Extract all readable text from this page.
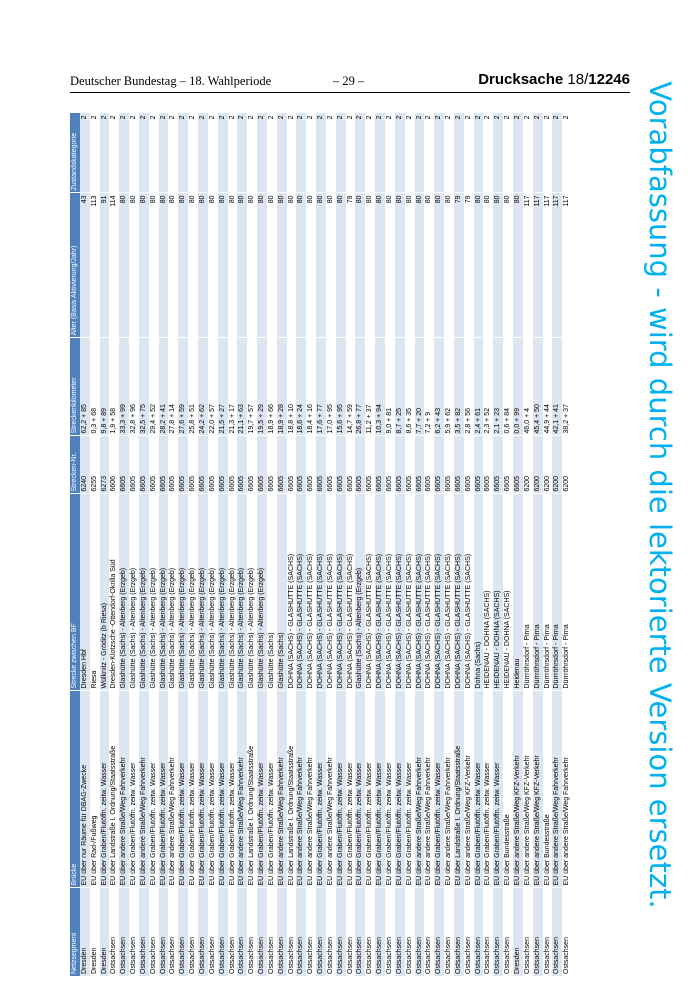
Deutscher Bundestag – 18. Wahlperiode	– 29 –	Drucksache 18/12246
Netzsegment	Brücke	Strecke zwischen BF	Strecken-Nr.	Streckenkilometer	Alter (Basis Aktivierung/Jahr)	Zustandskategorie
Dresden	EÜ über nur Räume für DBAG-Zwecke	Dresden Hbf	6240	62,2 + 85	43	2
Dresden	EÜ über Rad-/Fußweg	Riesa	6255	0,3 + 68	113	2
Dresden	EÜ über Graben/Flutöffn. zeitw. Wasser	Wülknitz - Gröditz (b Riesa)	6273	9,8 + 89	91	2
Ostsachsen	EÜ über Landstraße I. Ordnung/Staatsstraße	Dresden-Klotzsche -Ottendorf-Okrilla Süd	6606	1,9 + 58	114	2
Ostsachsen	EÜ über andere Straße/Weg Fahrverkehr	Glashütte (Sachs) - Altenberg (Erzgeb)	6605	33,3 + 99	80	2
Ostsachsen	EÜ über Graben/Flutöffn. zeitw. Wasser	Glashütte (Sachs) - Altenberg (Erzgeb)	6605	32,8 + 96	80	2
Ostsachsen	EÜ über andere Straße/Weg Fahrverkehr	Glashütte (Sachs) - Altenberg (Erzgeb)	6605	32,5 + 75	80	2
Ostsachsen	EÜ über Graben/Flutöffn. zeitw. Wasser	Glashütte (Sachs) - Altenberg (Erzgeb)	6605	29,4 + 52	80	2
Ostsachsen	EÜ über Graben/Flutöffn. zeitw. Wasser	Glashütte (Sachs) - Altenberg (Erzgeb)	6605	28,2 + 41	80	2
Ostsachsen	EÜ über andere Straße/Weg Fahrverkehr	Glashütte (Sachs) - Altenberg (Erzgeb)	6605	27,8 + 14	80	2
Ostsachsen	EÜ über Graben/Flutöffn. zeitw. Wasser	Glashütte (Sachs) - Altenberg (Erzgeb)	6605	27,6 + 59	80	2
Ostsachsen	EÜ über Graben/Flutöffn. zeitw. Wasser	Glashütte (Sachs) - Altenberg (Erzgeb)	6605	25,8 + 51	80	2
Ostsachsen	EÜ über Graben/Flutöffn. zeitw. Wasser	Glashütte (Sachs) - Altenberg (Erzgeb)	6605	24,2 + 62	80	2
Ostsachsen	EÜ über Graben/Flutöffn. zeitw. Wasser	Glashütte (Sachs) - Altenberg (Erzgeb)	6605	22,0 + 57	80	2
Ostsachsen	EÜ über Graben/Flutöffn. zeitw. Wasser	Glashütte (Sachs) - Altenberg (Erzgeb)	6605	21,5 + 27	80	2
Ostsachsen	EÜ über Graben/Flutöffn. zeitw. Wasser	Glashütte (Sachs) - Altenberg (Erzgeb)	6605	21,3 + 17	80	2
Ostsachsen	EÜ über andere Straße/Weg Fahrverkehr	Glashütte (Sachs) - Altenberg (Erzgeb)	6605	21,1 + 63	80	2
Ostsachsen	EÜ über Landstraße I. Ordnung/Staatsstraße	Glashütte (Sachs) - Altenberg (Erzgeb)	6605	19,7 + 57	80	2
Ostsachsen	EÜ über Graben/Flutöffn. zeitw. Wasser	Glashütte (Sachs) - Altenberg (Erzgeb)	6605	19,5 + 29	80	2
Ostsachsen	EÜ über Graben/Flutöffn. zeitw. Wasser	Glashütte (Sachs)	6605	18,9 + 66	80	2
Ostsachsen	EÜ über andere Straße/Weg Fahrverkehr	Glashütte (Sachs)	6605	18,9 + 28	80	2
Ostsachsen	EÜ über Landstraße I. Ordnung/Staatsstraße	DOHNA (SACHS) - GLASHÜTTE (SACHS)	6605	18,8 + 10	80	2
Ostsachsen	EÜ über andere Straße/Weg Fahrverkehr	DOHNA (SACHS) - GLASHÜTTE (SACHS)	6605	18,6 + 24	80	2
Ostsachsen	EÜ über andere Straße/Weg Fahrverkehr	DOHNA (SACHS) - GLASHÜTTE (SACHS)	6605	18,4 + 16	80	2
Ostsachsen	EÜ über Graben/Flutöffn. zeitw. Wasser	DOHNA (SACHS) - GLASHÜTTE (SACHS)	6605	17,6 + 77	80	2
Ostsachsen	EÜ über andere Straße/Weg Fahrverkehr	DOHNA (SACHS) - GLASHÜTTE (SACHS)	6605	17,0 + 95	80	2
Ostsachsen	EÜ über Graben/Flutöffn. zeitw. Wasser	DOHNA (SACHS) - GLASHÜTTE (SACHS)	6605	15,6 + 95	80	2
Ostsachsen	EÜ über Graben/Flutöffn. zeitw. Wasser	DOHNA (SACHS) - GLASHÜTTE (SACHS)	6605	14,7 + 59	79	2
Ostsachsen	EÜ über Graben/Flutöffn. zeitw. Wasser	Glashütte (Sachs) - Altenberg (Erzgeb)	6605	26,8 + 77	80	2
Ostsachsen	EÜ über Graben/Flutöffn. zeitw. Wasser	DOHNA (SACHS) - GLASHÜTTE (SACHS)	6605	11,2 + 37	80	2
Ostsachsen	EÜ über Graben/Flutöffn. zeitw. Wasser	DOHNA (SACHS) - GLASHÜTTE (SACHS)	6605	10,3 + 94	80	2
Ostsachsen	EÜ über Graben/Flutöffn. zeitw. Wasser	DOHNA (SACHS) - GLASHÜTTE (SACHS)	6605	9,0 + 81	80	2
Ostsachsen	EÜ über Graben/Flutöffn. zeitw. Wasser	DOHNA (SACHS) - GLASHÜTTE (SACHS)	6605	8,7 + 25	80	2
Ostsachsen	EÜ über Graben/Flutöffn. zeitw. Wasser	DOHNA (SACHS) - GLASHÜTTE (SACHS)	6605	8,6 + 35	80	2
Ostsachsen	EÜ über andere Straße/Weg Fahrverkehr	DOHNA (SACHS) - GLASHÜTTE (SACHS)	6605	7,7 + 20	80	2
Ostsachsen	EÜ über andere Straße/Weg Fahrverkehr	DOHNA (SACHS) - GLASHÜTTE (SACHS)	6605	7,2 + 9	80	2
Ostsachsen	EÜ über Graben/Flutöffn. zeitw. Wasser	DOHNA (SACHS) - GLASHÜTTE (SACHS)	6605	6,2 + 43	80	2
Ostsachsen	EÜ über andere Straße/Weg Fahrverkehr	DOHNA (SACHS) - GLASHÜTTE (SACHS)	6605	5,9 + 62	80	2
Ostsachsen	EÜ über Landstraße I. Ordnung/Staatsstraße	DOHNA (SACHS) - GLASHÜTTE (SACHS)	6605	3,5 + 82	79	2
Ostsachsen	EÜ über andere Straße/Weg KFZ-Verkehr	DOHNA (SACHS) - GLASHÜTTE (SACHS)	6605	2,8 + 56	79	2
Ostsachsen	EÜ über Graben/Flutöffn. zeitw. Wasser	Dohna (Sachs)	6605	2,4 + 61	80	2
Ostsachsen	EÜ über Graben/Flutöffn. zeitw. Wasser	HEIDENAU - DOHNA (SACHS)	6605	2,3 + 52	80	2
Ostsachsen	EÜ über Graben/Flutöffn. zeitw. Wasser	HEIDENAU - DOHNA (SACHS)	6605	2,1 + 23	80	2
Ostsachsen	EÜ über Bundesstraße	HEIDENAU - DOHNA (SACHS)	6605	0,6 + 84	80	2
Dresden	EÜ über andere Straße/Weg KFZ-Verkehr	Heidenau	6605	0,0 + 99	80	2
Ostsachsen	EÜ über andere Straße/Weg KFZ-Verkehr	Dürrröhrsdorf - Pirna	6200	46,0 + 4	117	2
Ostsachsen	EÜ über andere Straße/Weg KFZ-Verkehr	Dürrröhrsdorf - Pirna	6200	45,4 + 50	117	2
Ostsachsen	EÜ über Bundesstraße	Dürrröhrsdorf - Pirna	6200	44,9 + 44	117	2
Ostsachsen	EÜ über andere Straße/Weg Fahrverkehr	Dürrröhrsdorf - Pirna	6200	42,1 + 41	117	2
Ostsachsen	EÜ über andere Straße/Weg Fahrverkehr	Dürrröhrsdorf - Pirna	6200	38,2 + 37	117	2	Vorabfassung - wird durch die lektorierte Version ersetzt.
